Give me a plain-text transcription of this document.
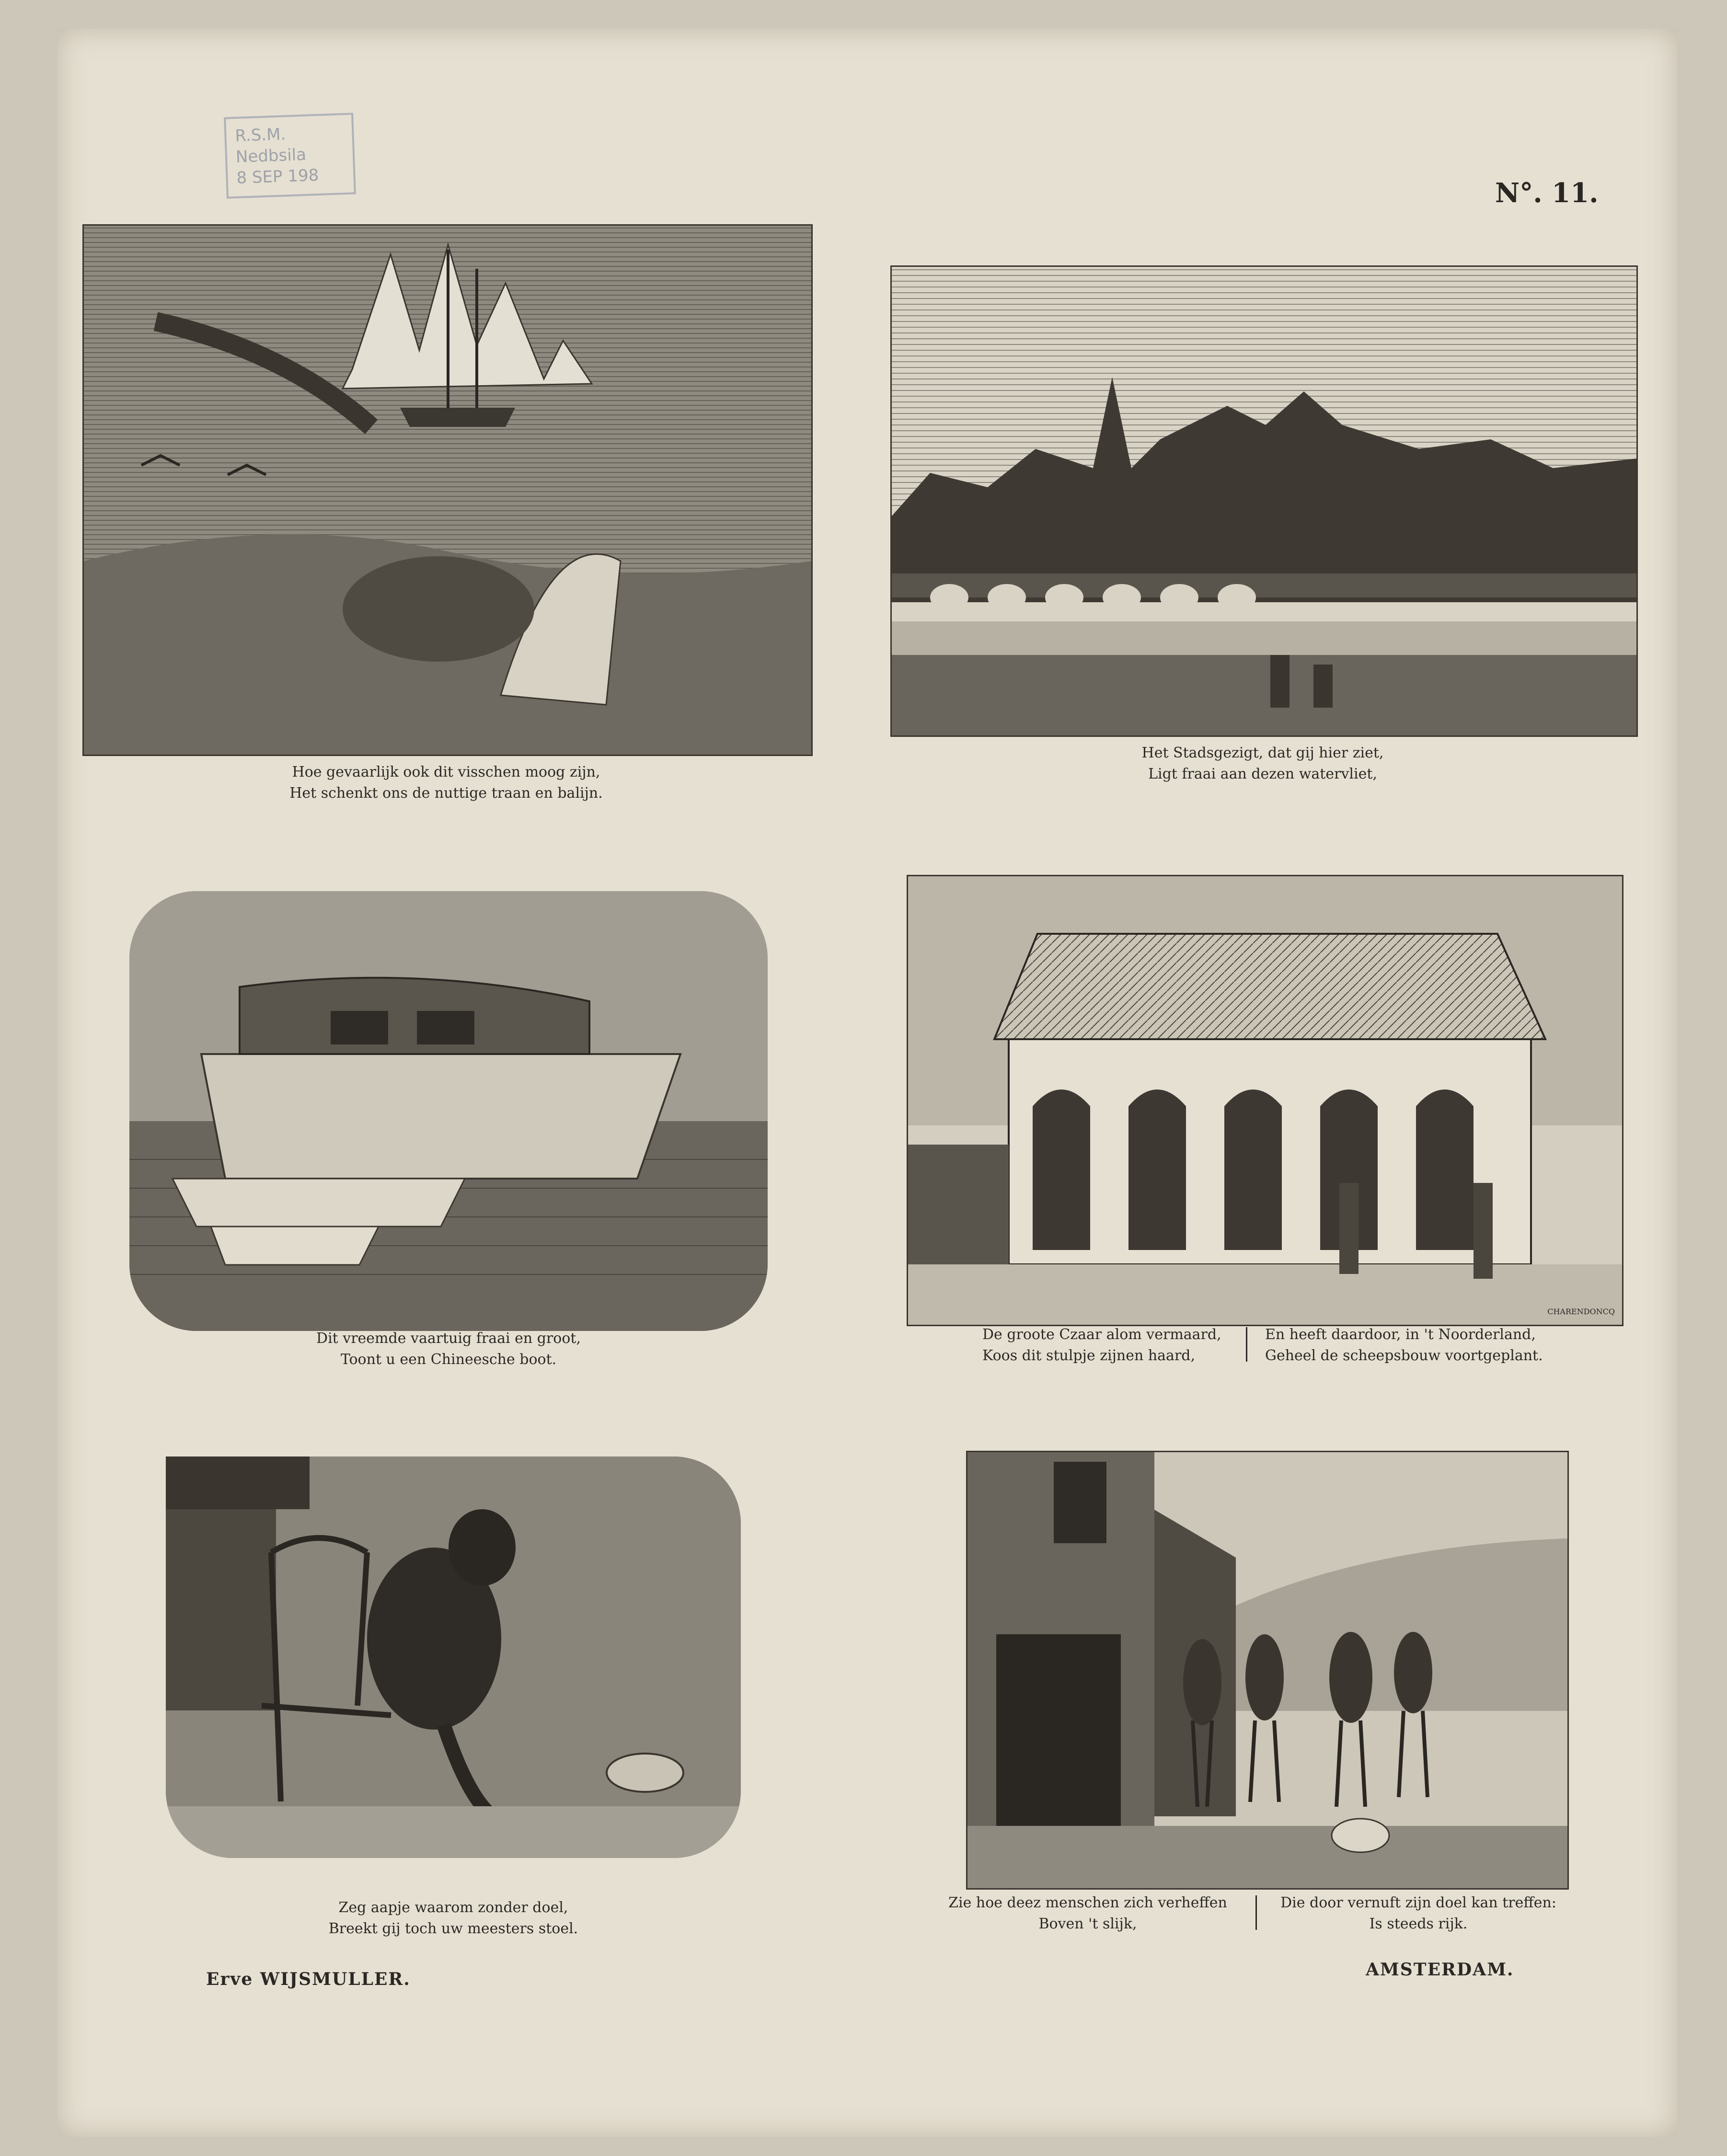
R.S.M.
Nedbsila
8 SEP 198
N°. 11.
Hoe gevaarlijk ook dit visschen moog zijn,
Het schenkt ons de nuttige traan en balijn.
Het Stadsgezigt, dat gij hier ziet,
Ligt fraai aan dezen watervliet,
Dit vreemde vaartuig fraai en groot,
Toont u een Chineesche boot.
De groote Czaar alom vermaard,
Koos dit stulpje zijnen haard,
En heeft daardoor, in 't Noorderland,
Geheel de scheepsbouw voortgeplant.
CHARENDONCQ
Zeg aapje waarom zonder doel,
Breekt gij toch uw meesters stoel.
Zie hoe deez menschen zich verheffen
Boven 't slijk,
Die door vernuft zijn doel kan treffen:
Is steeds rijk.
Erve WIJSMULLER.	AMSTERDAM.
